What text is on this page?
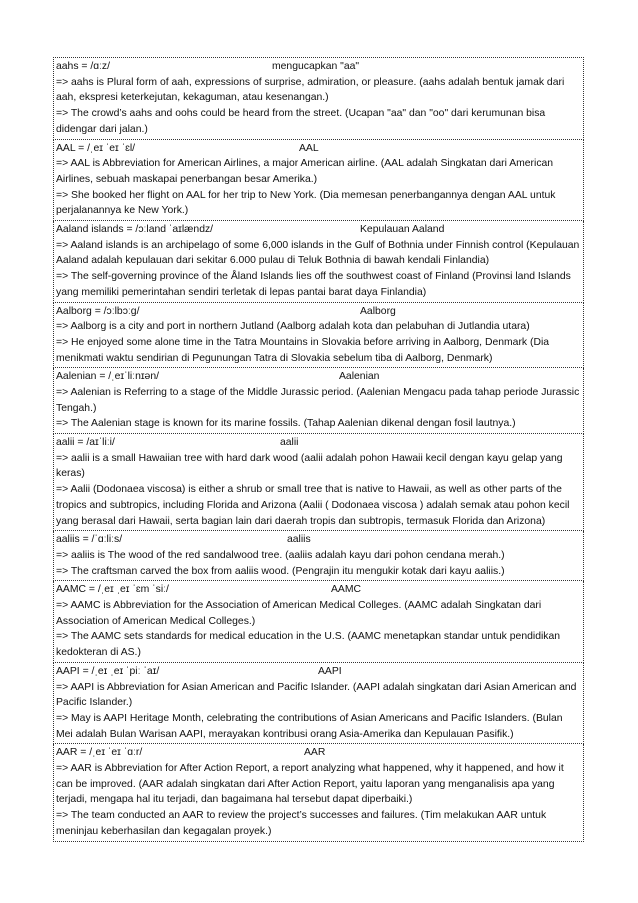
aahs = /ɑːz/	mengucapkan "aa"
=> aahs is Plural form of aah, expressions of surprise, admiration, or pleasure. (aahs adalah bentuk jamak dari aah, ekspresi keterkejutan, kekaguman, atau kesenangan.)
=> The crowd’s aahs and oohs could be heard from the street. (Ucapan "aa" dan "oo" dari kerumunan bisa didengar dari jalan.)
AAL = /ˌeɪ ˈeɪ ˈɛl/	AAL
=> AAL is Abbreviation for American Airlines, a major American airline. (AAL adalah Singkatan dari American Airlines, sebuah maskapai penerbangan besar Amerika.)
=> She booked her flight on AAL for her trip to New York. (Dia memesan penerbangannya dengan AAL untuk perjalanannya ke New York.)
Aaland islands = /ɔːland ˈaɪlændz/	Kepulauan Aaland
=> Aaland islands is an archipelago of some 6,000 islands in the Gulf of Bothnia under Finnish control (Kepulauan Aaland adalah kepulauan dari sekitar 6.000 pulau di Teluk Bothnia di bawah kendali Finlandia)
=> The self-governing province of the Åland Islands lies off the southwest coast of Finland (Provinsi land Islands yang memiliki pemerintahan sendiri terletak di lepas pantai barat daya Finlandia)
Aalborg = /ɔːlbɔːɡ/	Aalborg
=> Aalborg is a city and port in northern Jutland (Aalborg adalah kota dan pelabuhan di Jutlandia utara)
=> He enjoyed some alone time in the Tatra Mountains in Slovakia before arriving in Aalborg, Denmark (Dia menikmati waktu sendirian di Pegunungan Tatra di Slovakia sebelum tiba di Aalborg, Denmark)
Aalenian = /ˌeɪˈliːnɪən/	Aalenian
=> Aalenian is Referring to a stage of the Middle Jurassic period. (Aalenian Mengacu pada tahap periode Jurassic Tengah.)
=> The Aalenian stage is known for its marine fossils. (Tahap Aalenian dikenal dengan fosil lautnya.)
aalii = /aɪˈliːi/	aalii
=> aalii is a small Hawaiian tree with hard dark wood (aalii adalah pohon Hawaii kecil dengan kayu gelap yang keras)
=> Aalii (Dodonaea viscosa) is either a shrub or small tree that is native to Hawaii, as well as other parts of the tropics and subtropics, including Florida and Arizona (Aalii ( Dodonaea viscosa ) adalah semak atau pohon kecil yang berasal dari Hawaii, serta bagian lain dari daerah tropis dan subtropis, termasuk Florida dan Arizona)
aaliis = /ˈɑːliːs/	aaliis
=> aaliis is The wood of the red sandalwood tree. (aaliis adalah kayu dari pohon cendana merah.)
=> The craftsman carved the box from aaliis wood. (Pengrajin itu mengukir kotak dari kayu aaliis.)
AAMC = /ˌeɪ ˌeɪ ˈɛm ˈsiː/	AAMC
=> AAMC is Abbreviation for the Association of American Medical Colleges. (AAMC adalah Singkatan dari Association of American Medical Colleges.)
=> The AAMC sets standards for medical education in the U.S. (AAMC menetapkan standar untuk pendidikan kedokteran di AS.)
AAPI = /ˌeɪ ˌeɪ ˈpiː ˈaɪ/	AAPI
=> AAPI is Abbreviation for Asian American and Pacific Islander. (AAPI adalah singkatan dari Asian American and Pacific Islander.)
=> May is AAPI Heritage Month, celebrating the contributions of Asian Americans and Pacific Islanders. (Bulan Mei adalah Bulan Warisan AAPI, merayakan kontribusi orang Asia-Amerika dan Kepulauan Pasifik.)
AAR = /ˌeɪ ˈeɪ ˈɑːr/	AAR
=> AAR is Abbreviation for After Action Report, a report analyzing what happened, why it happened, and how it can be improved. (AAR adalah singkatan dari After Action Report, yaitu laporan yang menganalisis apa yang terjadi, mengapa hal itu terjadi, dan bagaimana hal tersebut dapat diperbaiki.)
=> The team conducted an AAR to review the project’s successes and failures. (Tim melakukan AAR untuk meninjau keberhasilan dan kegagalan proyek.)
